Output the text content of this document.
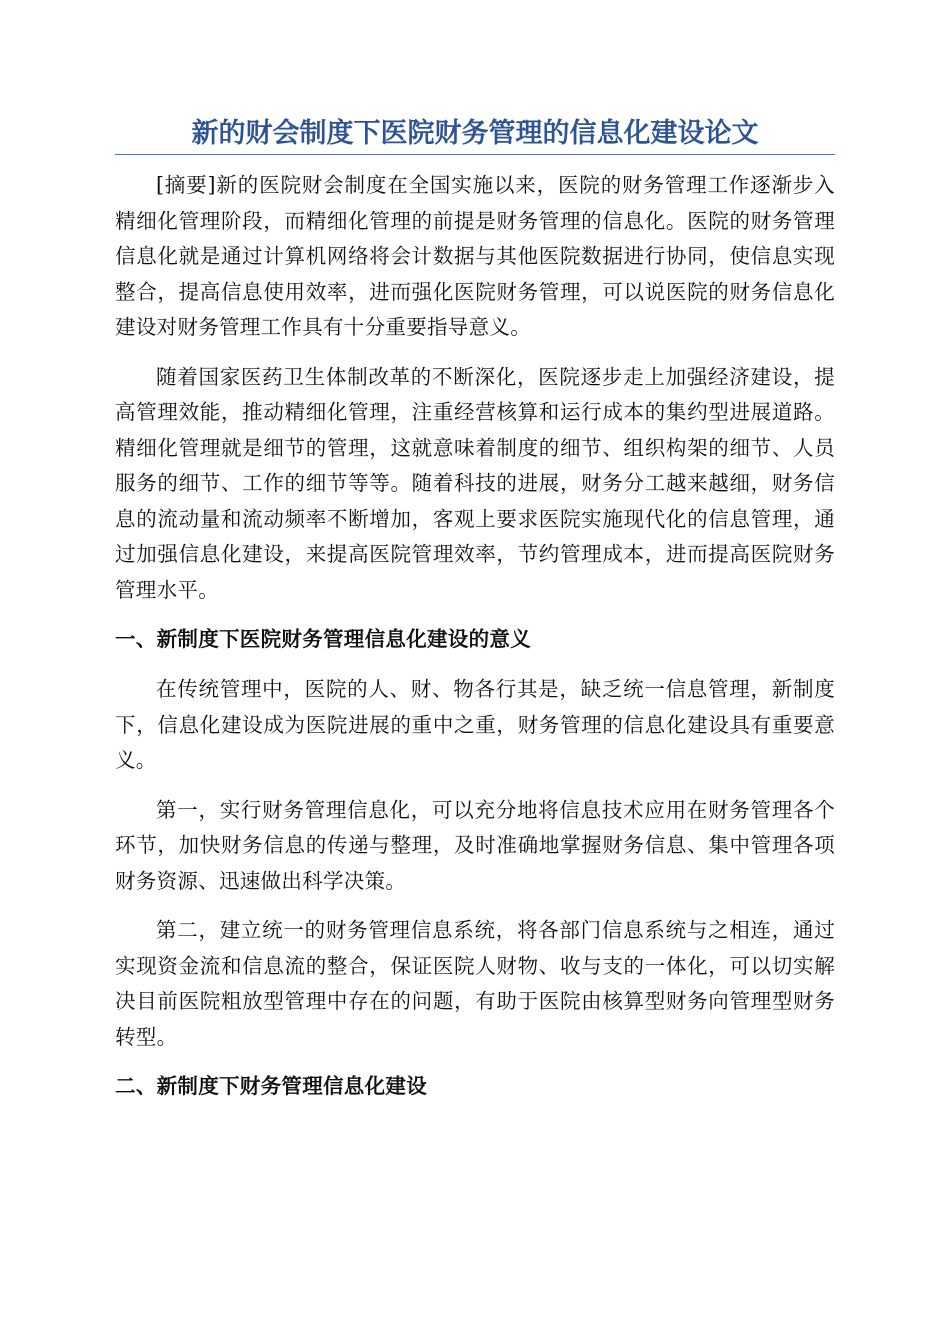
新的财会制度下医院财务管理的信息化建设论文

[摘要]新的医院财会制度在全国实施以来，医院的财务管理工作逐渐步入精细化管理阶段，而精细化管理的前提是财务管理的信息化。医院的财务管理信息化就是通过计算机网络将会计数据与其他医院数据进行协同，使信息实现整合，提高信息使用效率，进而强化医院财务管理，可以说医院的财务信息化建设对财务管理工作具有十分重要指导意义。

随着国家医药卫生体制改革的不断深化，医院逐步走上加强经济建设，提高管理效能，推动精细化管理，注重经营核算和运行成本的集约型进展道路。精细化管理就是细节的管理，这就意味着制度的细节、组织构架的细节、人员服务的细节、工作的细节等等。随着科技的进展，财务分工越来越细，财务信息的流动量和流动频率不断增加，客观上要求医院实施现代化的信息管理，通过加强信息化建设，来提高医院管理效率，节约管理成本，进而提高医院财务管理水平。

一、新制度下医院财务管理信息化建设的意义

在传统管理中，医院的人、财、物各行其是，缺乏统一信息管理，新制度下，信息化建设成为医院进展的重中之重，财务管理的信息化建设具有重要意义。

第一，实行财务管理信息化，可以充分地将信息技术应用在财务管理各个环节，加快财务信息的传递与整理，及时准确地掌握财务信息、集中管理各项财务资源、迅速做出科学决策。

第二，建立统一的财务管理信息系统，将各部门信息系统与之相连，通过实现资金流和信息流的整合，保证医院人财物、收与支的一体化，可以切实解决目前医院粗放型管理中存在的问题，有助于医院由核算型财务向管理型财务转型。

二、新制度下财务管理信息化建设
